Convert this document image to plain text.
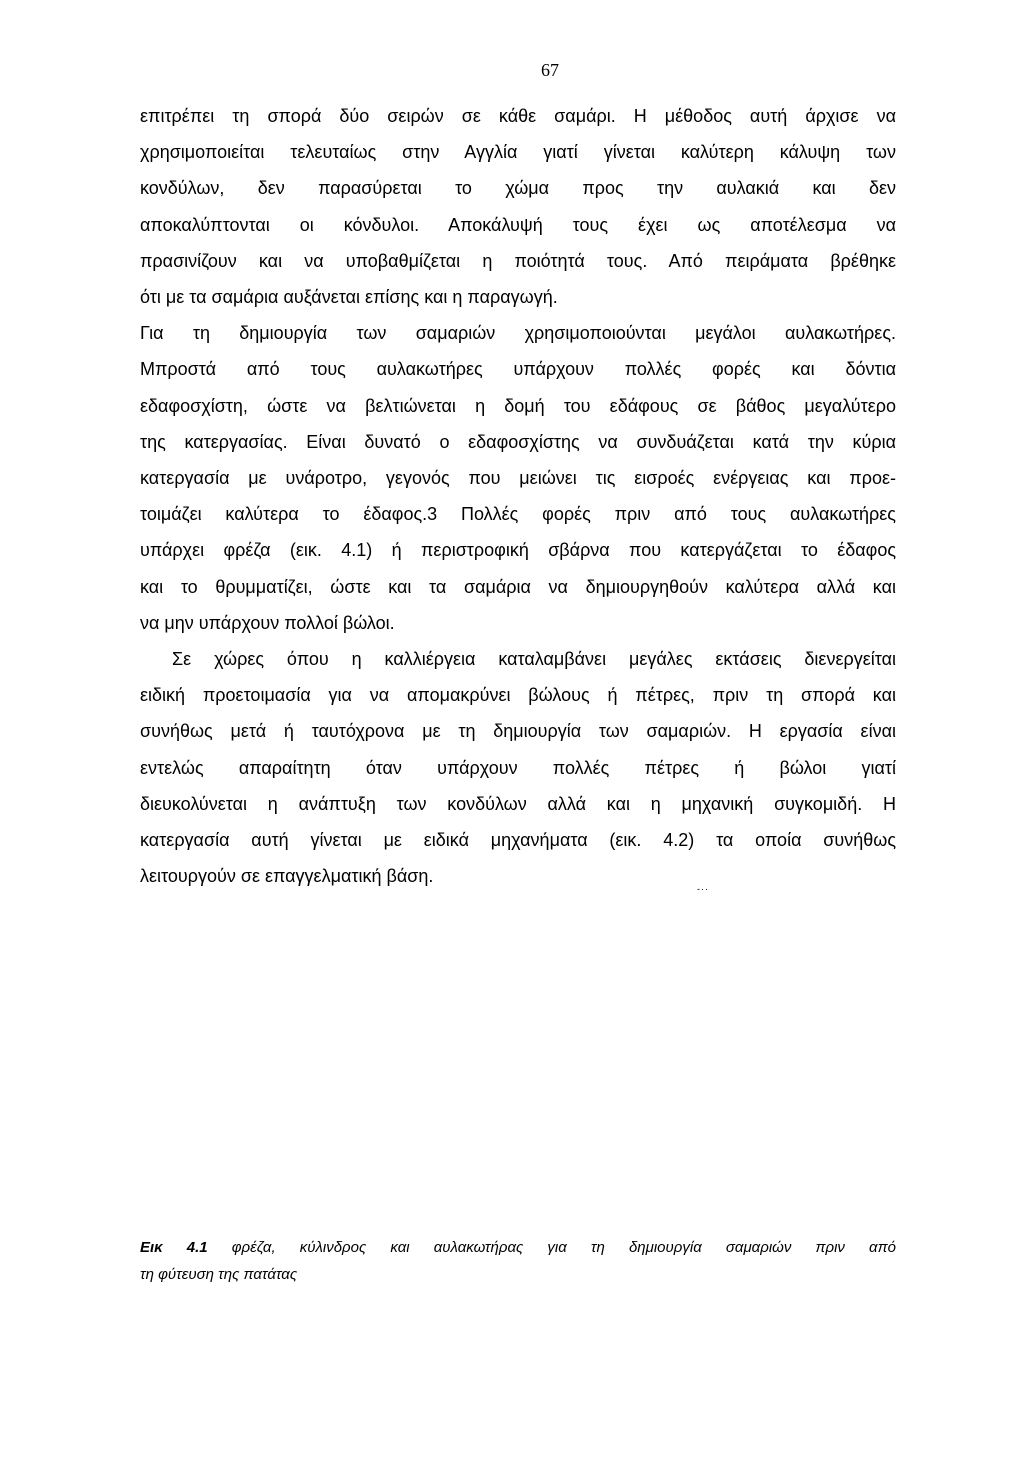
67
επιτρέπει τη σπορά δύο σειρών σε κάθε σαμάρι. Η μέθοδος αυτή άρχισε να
χρησιμοποιείται τελευταίως στην Αγγλία γιατί γίνεται καλύτερη κάλυψη των
κονδύλων, δεν παρασύρεται το χώμα προς την αυλακιά και δεν
αποκαλύπτονται οι κόνδυλοι. Αποκάλυψή τους έχει ως αποτέλεσμα να
πρασινίζουν και να υποβαθμίζεται η ποιότητά τους. Από πειράματα βρέθηκε
ότι με τα σαμάρια αυξάνεται επίσης και η παραγωγή.
Για τη δημιουργία των σαμαριών χρησιμοποιούνται μεγάλοι αυλακωτήρες.
Μπροστά από τους αυλακωτήρες υπάρχουν πολλές φορές και δόντια
εδαφοσχίστη, ώστε να βελτιώνεται η δομή του εδάφους σε βάθος μεγαλύτερο
της κατεργασίας. Είναι δυνατό ο εδαφοσχίστης να συνδυάζεται κατά την κύρια
κατεργασία με υνάροτρο, γεγονός που μειώνει τις εισροές ενέργειας και προε-
τοιμάζει καλύτερα το έδαφος.3 Πολλές φορές πριν από τους αυλακωτήρες
υπάρχει φρέζα (εικ. 4.1) ή περιστροφική σβάρνα που κατεργάζεται το έδαφος
και το θρυμματίζει, ώστε και τα σαμάρια να δημιουργηθούν καλύτερα αλλά και
να μην υπάρχουν πολλοί βώλοι.
Σε χώρες όπου η καλλιέργεια καταλαμβάνει μεγάλες εκτάσεις διενεργείται
ειδική προετοιμασία για να απομακρύνει βώλους ή πέτρες, πριν τη σπορά και
συνήθως μετά ή ταυτόχρονα με τη δημιουργία των σαμαριών. Η εργασία είναι
εντελώς απαραίτητη όταν υπάρχουν πολλές πέτρες ή βώλοι γιατί
διευκολύνεται η ανάπτυξη των κονδύλων αλλά και η μηχανική συγκομιδή. Η
κατεργασία αυτή γίνεται με ειδικά μηχανήματα (εικ. 4.2) τα οποία συνήθως
λειτουργούν σε επαγγελματική βάση.
-··
Εικ 4.1 φρέζα, κύλινδρος και αυλακωτήρας για τη δημιουργία σαμαριών πριν από
τη φύτευση της πατάτας
